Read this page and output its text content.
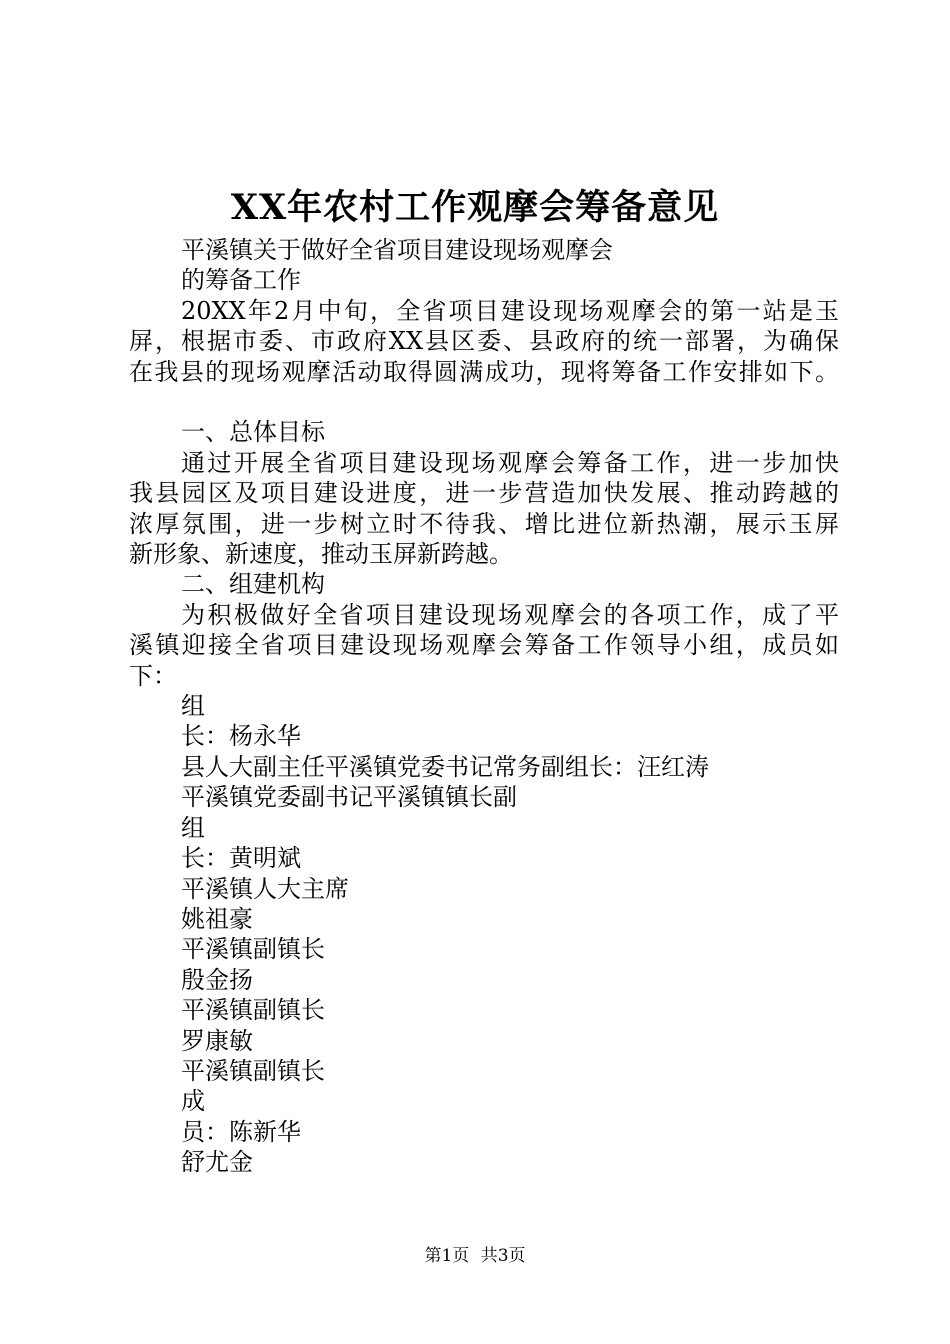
XX年农村工作观摩会筹备意见
平溪镇关于做好全省项目建设现场观摩会
的筹备工作
20XX年2月中旬，全省项目建设现场观摩会的第一站是玉
屏，根据市委、市政府XX县区委、县政府的统一部署，为确保
在我县的现场观摩活动取得圆满成功，现将筹备工作安排如下。
一、总体目标
通过开展全省项目建设现场观摩会筹备工作，进一步加快
我县园区及项目建设进度，进一步营造加快发展、推动跨越的
浓厚氛围，进一步树立时不待我、增比进位新热潮，展示玉屏
新形象、新速度，推动玉屏新跨越。
二、组建机构
为积极做好全省项目建设现场观摩会的各项工作，成了平
溪镇迎接全省项目建设现场观摩会筹备工作领导小组，成员如
下：
组
长：杨永华
县人大副主任平溪镇党委书记常务副组长：汪红涛
平溪镇党委副书记平溪镇镇长副
组
长：黄明斌
平溪镇人大主席
姚祖豪
平溪镇副镇长
殷金扬
平溪镇副镇长
罗康敏
平溪镇副镇长
成
员：陈新华
舒尤金
第1页 共3页
